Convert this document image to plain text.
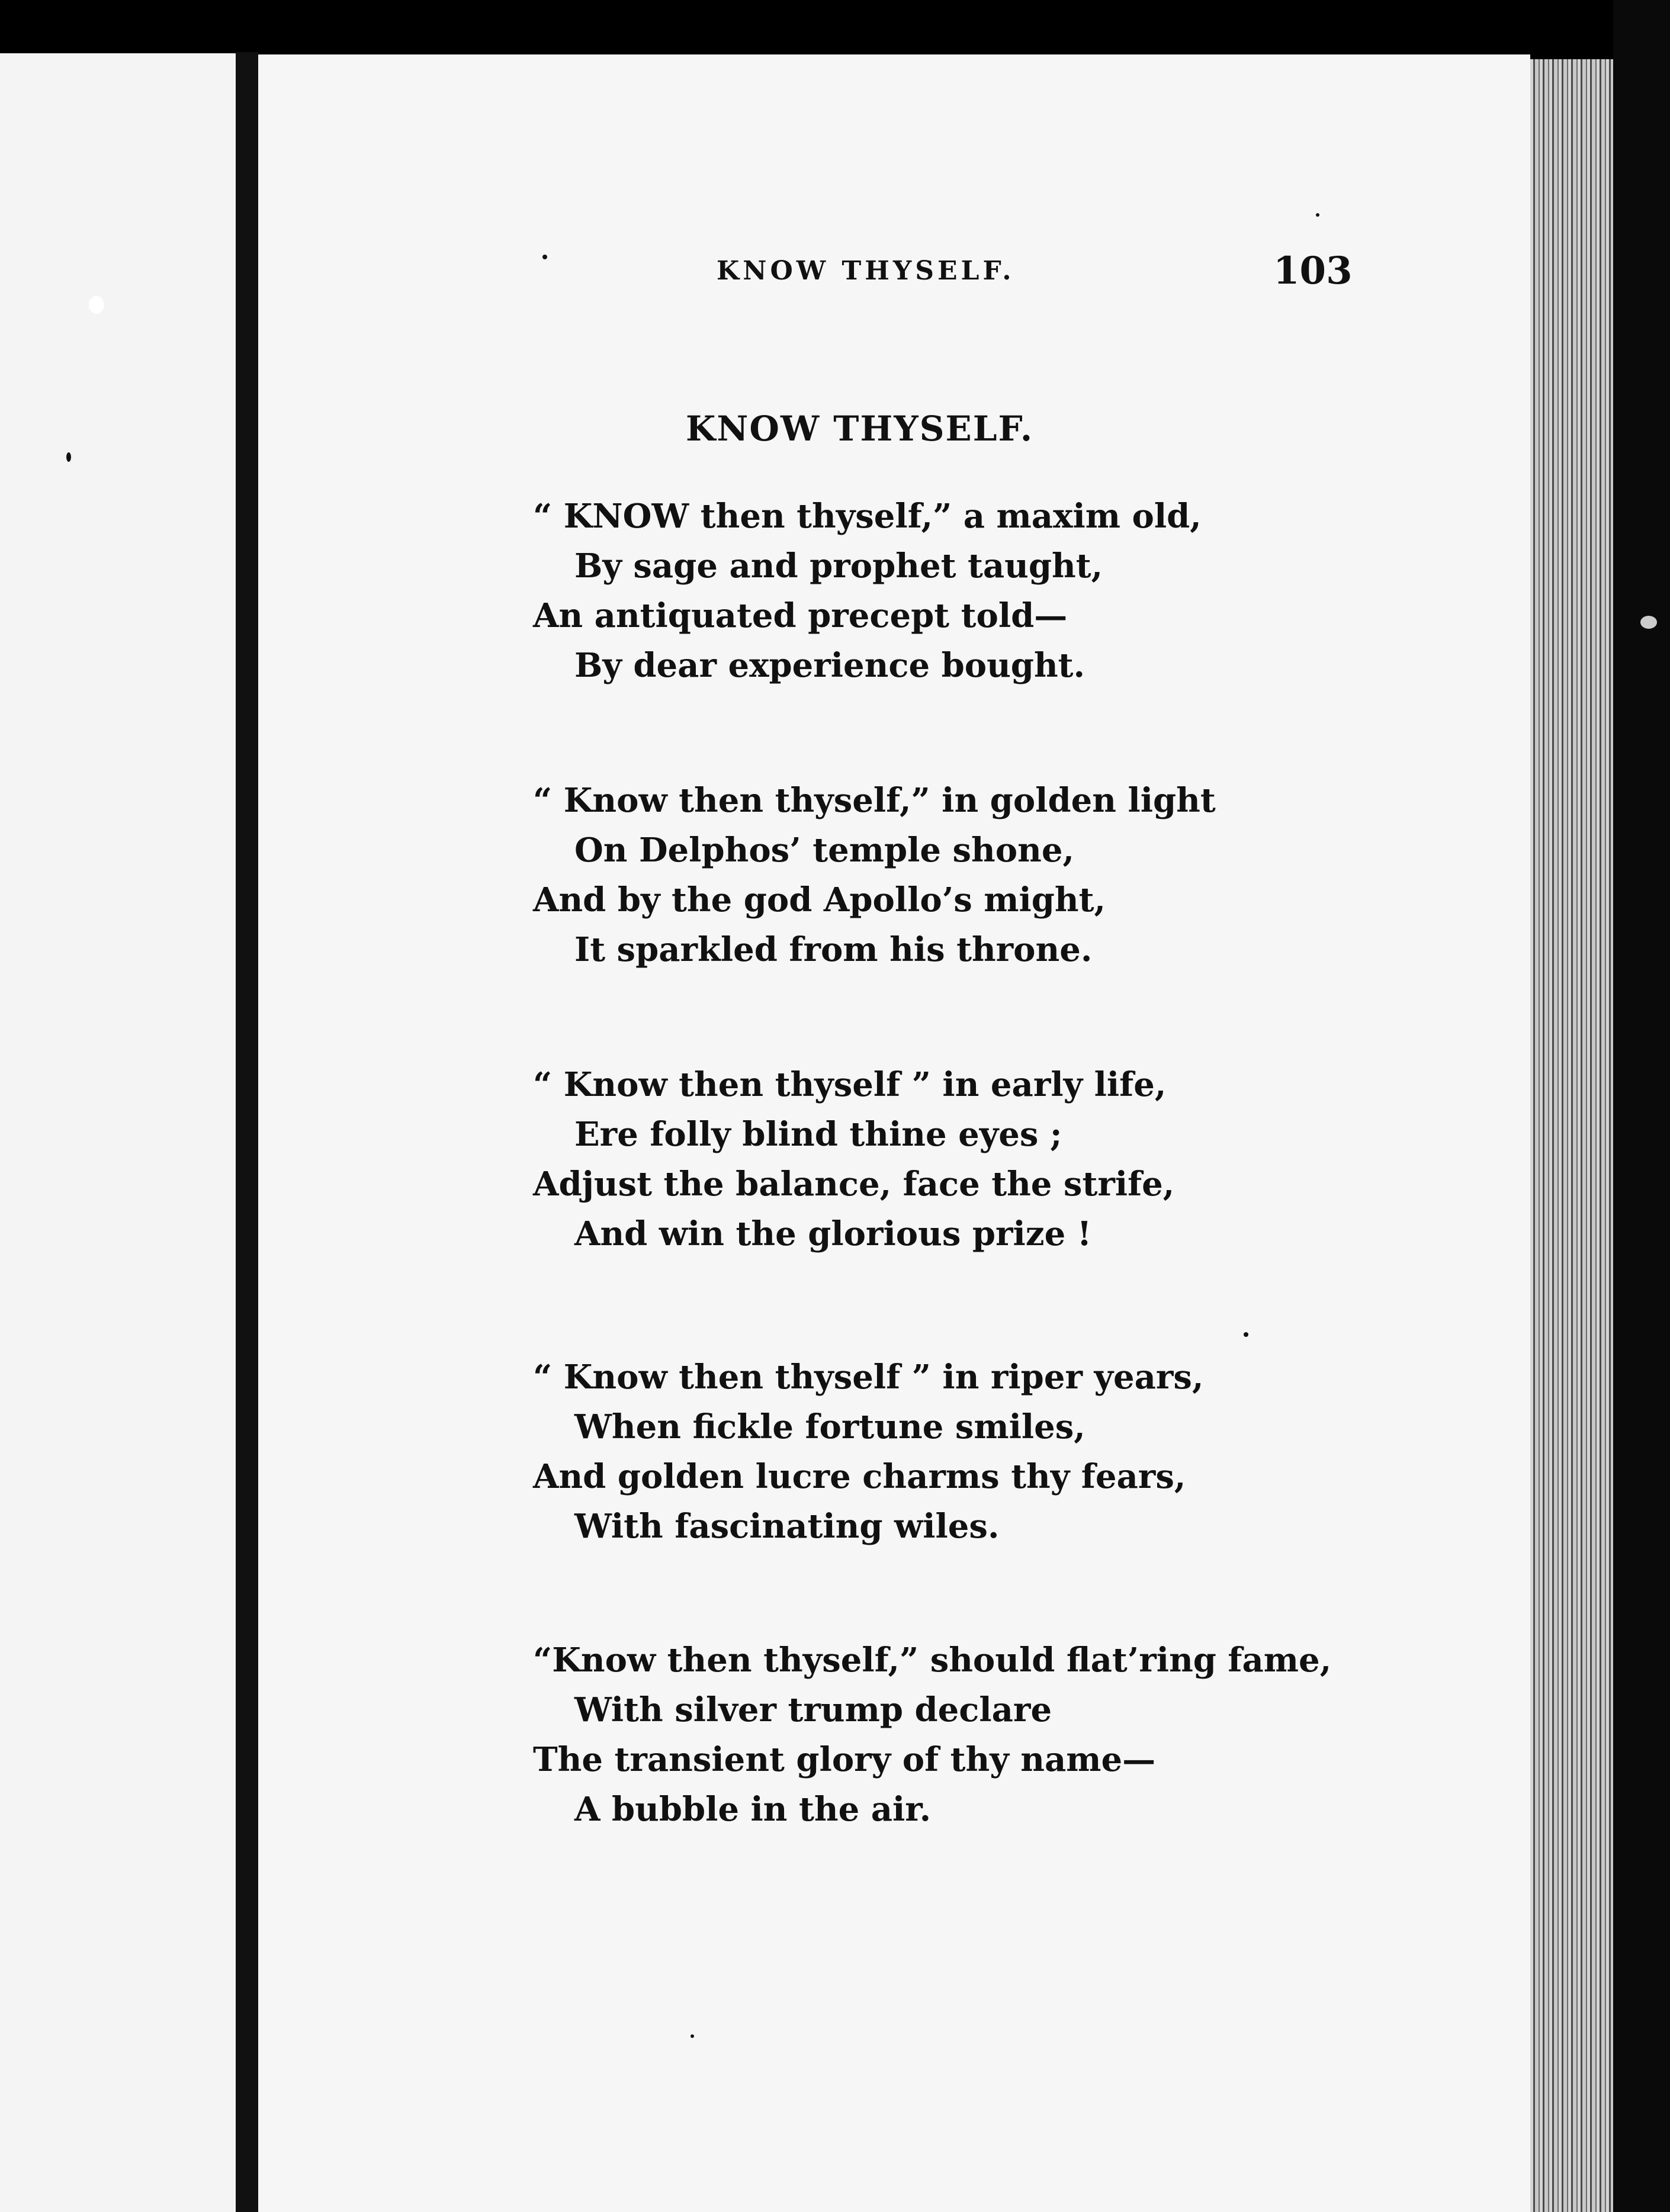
KNOW THYSELF.	103
KNOW THYSELF.
“ KNOW then thyself,” a maxim old,
By sage and prophet taught,
An antiquated precept told—
By dear experience bought.
“ Know then thyself,” in golden light
On Delphos’ temple shone,
And by the god Apollo’s might,
It sparkled from his throne.
“ Know then thyself ” in early life,
Ere folly blind thine eyes ;
Adjust the balance, face the strife,
And win the glorious prize !
“ Know then thyself ” in riper years,
When fickle fortune smiles,
And golden lucre charms thy fears,
With fascinating wiles.
“Know then thyself,” should flat’ring fame,
With silver trump declare
The transient glory of thy name—
A bubble in the air.
